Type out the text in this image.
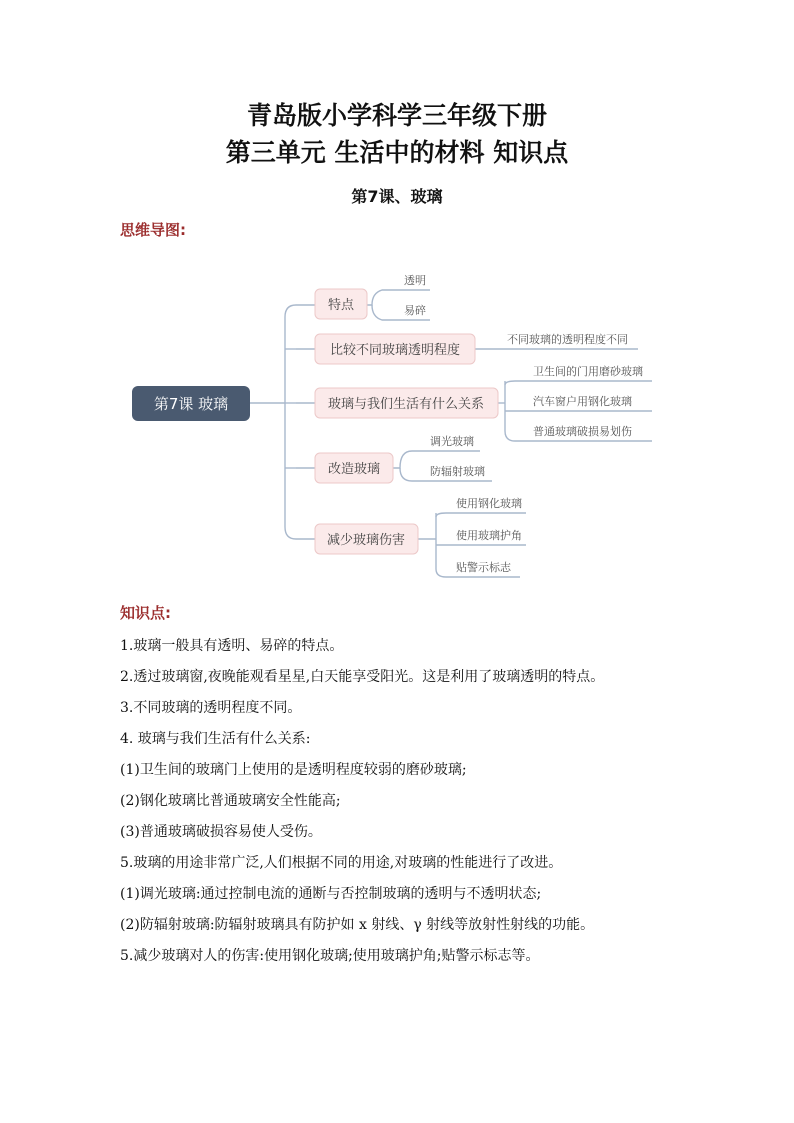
青岛版小学科学三年级下册
第三单元 生活中的材料 知识点
第7课、玻璃
思维导图:
第7课 玻璃
特点
比较不同玻璃透明程度
玻璃与我们生活有什么关系
改造玻璃
减少玻璃伤害
透明
易碎
不同玻璃的透明程度不同
卫生间的门用磨砂玻璃
汽车窗户用钢化玻璃
普通玻璃破损易划伤
调光玻璃
防辐射玻璃
使用钢化玻璃
使用玻璃护角
贴警示标志
知识点:
1.玻璃一般具有透明、易碎的特点。
2.透过玻璃窗,夜晚能观看星星,白天能享受阳光。这是利用了玻璃透明的特点。
3.不同玻璃的透明程度不同。
4. 玻璃与我们生活有什么关系:
(1)卫生间的玻璃门上使用的是透明程度较弱的磨砂玻璃;
(2)钢化玻璃比普通玻璃安全性能高;
(3)普通玻璃破损容易使人受伤。
5.玻璃的用途非常广泛,人们根据不同的用途,对玻璃的性能进行了改进。
(1)调光玻璃:通过控制电流的通断与否控制玻璃的透明与不透明状态;
(2)防辐射玻璃:防辐射玻璃具有防护如 x 射线、γ 射线等放射性射线的功能。
5.减少玻璃对人的伤害:使用钢化玻璃;使用玻璃护角;贴警示标志等。
